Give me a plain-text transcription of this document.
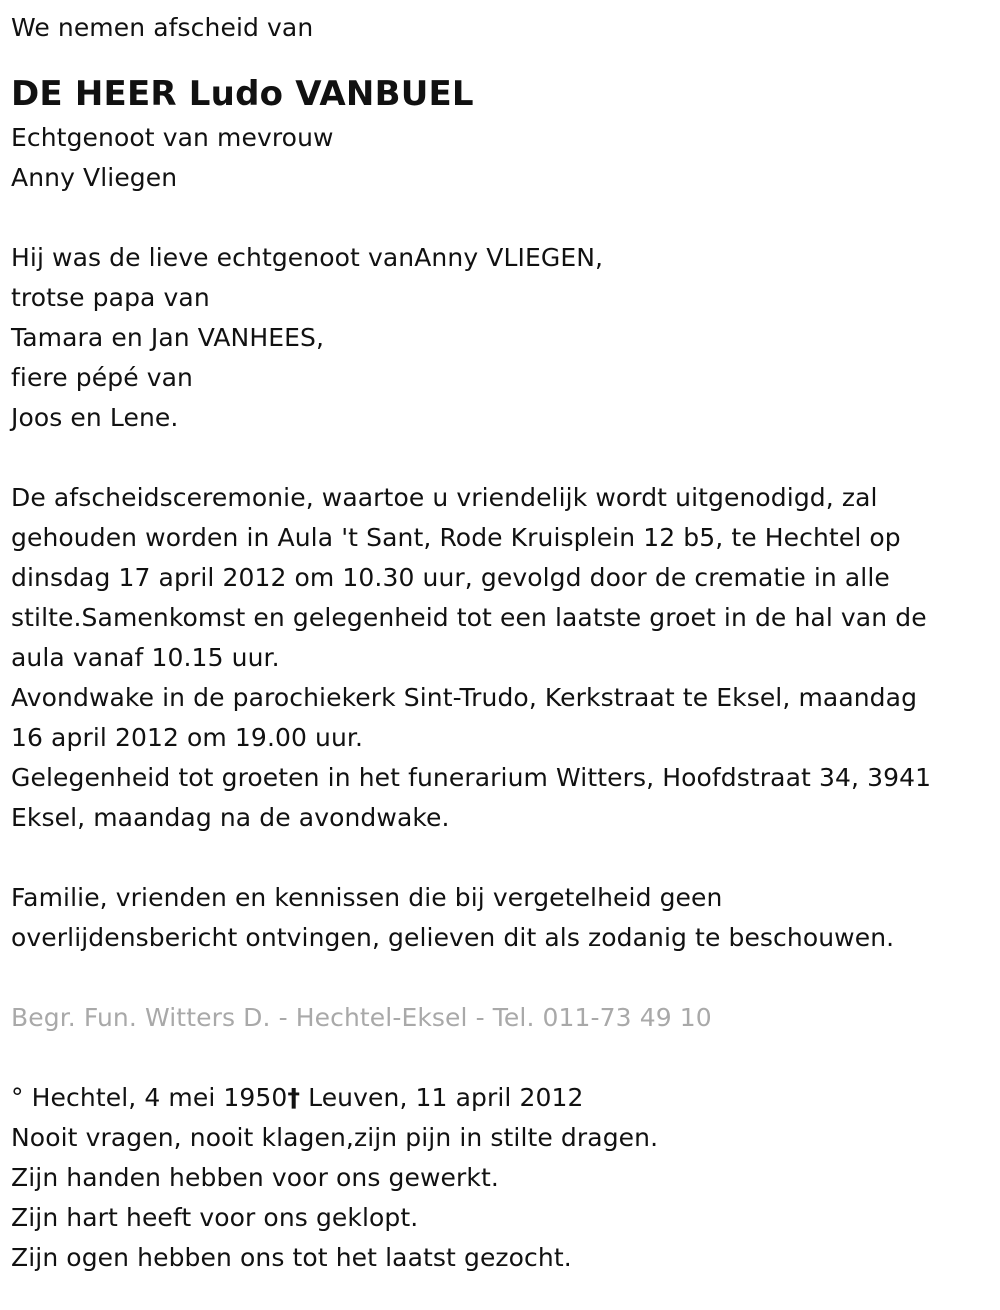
We nemen afscheid van
DE HEER Ludo VANBUEL
Echtgenoot van mevrouw
Anny Vliegen
Hij was de lieve echtgenoot vanAnny VLIEGEN,
trotse papa van
Tamara en Jan VANHEES,
fiere pépé van
Joos en Lene.
De afscheidsceremonie, waartoe u vriendelijk wordt uitgenodigd, zal
gehouden worden in Aula 't Sant, Rode Kruisplein 12 b5, te Hechtel op
dinsdag 17 april 2012 om 10.30 uur, gevolgd door de crematie in alle
stilte.Samenkomst en gelegenheid tot een laatste groet in de hal van de
aula vanaf 10.15 uur.
Avondwake in de parochiekerk Sint-Trudo, Kerkstraat te Eksel, maandag
16 april 2012 om 19.00 uur.
Gelegenheid tot groeten in het funerarium Witters, Hoofdstraat 34, 3941
Eksel, maandag na de avondwake.
Familie, vrienden en kennissen die bij vergetelheid geen
overlijdensbericht ontvingen, gelieven dit als zodanig te beschouwen.
Begr. Fun. Witters D. - Hechtel-Eksel - Tel. 011-73 49 10
° Hechtel, 4 mei 1950† Leuven, 11 april 2012
Nooit vragen, nooit klagen,zijn pijn in stilte dragen.
Zijn handen hebben voor ons gewerkt.
Zijn hart heeft voor ons geklopt.
Zijn ogen hebben ons tot het laatst gezocht.
